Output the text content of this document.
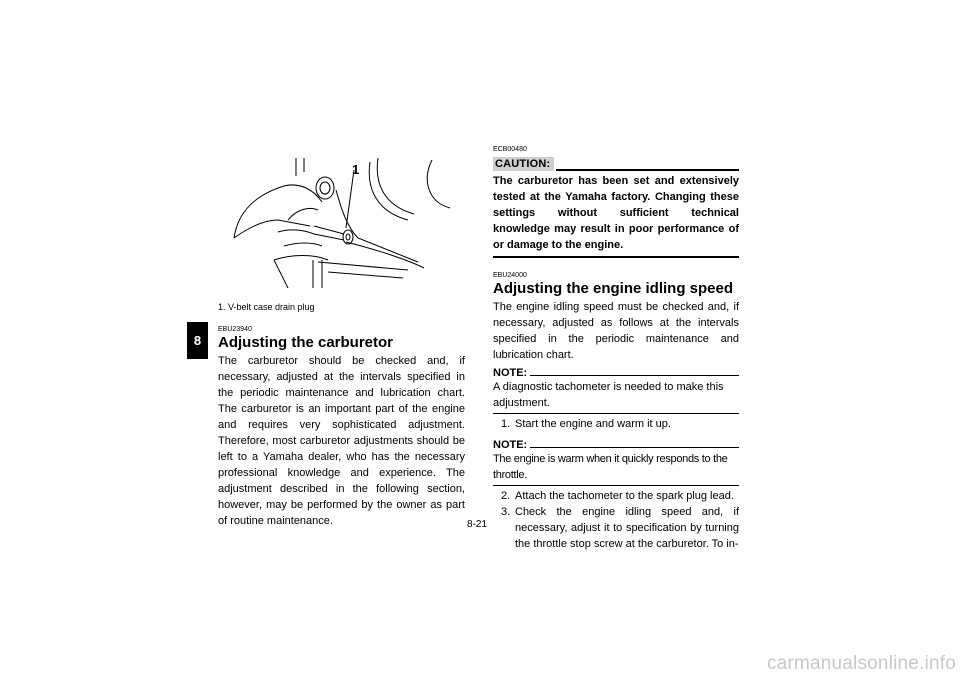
8
1
1. V-belt case drain plug

EBU23940

Adjusting the carburetor

The carburetor should be checked and, if necessary, adjusted at the intervals specified in the periodic maintenance and lubrication chart. The carburetor is an important part of the engine and requires very sophisticated adjustment. Therefore, most carburetor adjustments should be left to a Yamaha dealer, who has the necessary professional knowledge and experience. The adjustment described in the following section, however, may be performed by the owner as part of routine maintenance.

ECB00480

CAUTION:

The carburetor has been set and extensively tested at the Yamaha factory. Changing these settings without sufficient technical knowledge may result in poor performance of or damage to the engine.

EBU24000

Adjusting the engine idling speed

The engine idling speed must be checked and, if necessary, adjusted as follows at the intervals specified in the periodic maintenance and lubrication chart.

NOTE:

A diagnostic tachometer is needed to make this adjustment.

1. Start the engine and warm it up.
NOTE:

The engine is warm when it quickly responds to the throttle.

2. Attach the tachometer to the spark plug lead.
3. Check the engine idling speed and, if necessary, adjust it to specification by turning the throttle stop screw at the carburetor. To in-
8-21
carmanualsonline.info
